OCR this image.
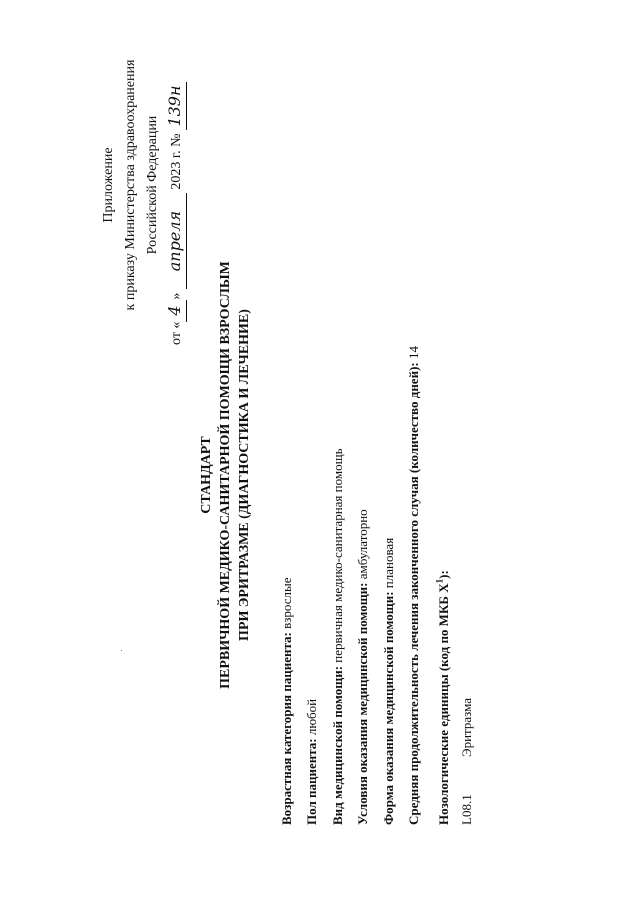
Приложение к приказу Министерства здравоохранения Российской Федерации
от «4» апреля 2023 г. № 139н
СТАНДАРТ ПЕРВИЧНОЙ МЕДИКО-САНИТАРНОЙ ПОМОЩИ ВЗРОСЛЫМ ПРИ ЭРИТРАЗМЕ (ДИАГНОСТИКА И ЛЕЧЕНИЕ)
Возрастная категория пациента: взрослые
Пол пациента: любой Вид медицинской помощи: первичная медико-санитарная помощь
Условия оказания медицинской помощи: амбулаторно
Форма оказания медицинской помощи: плановая Средняя продолжительность лечения законченного случая (количество дней): 14
Нозологические единицы (код по МКБ $X^1$):
L08.1
Эритразма
